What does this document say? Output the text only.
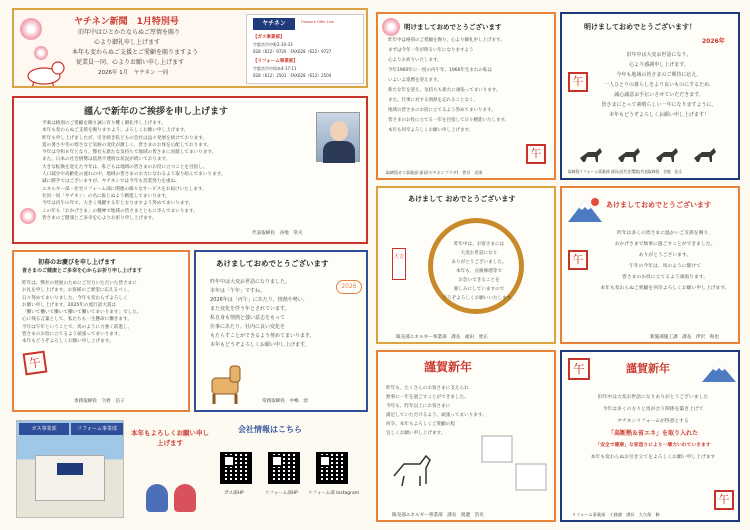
ヤチネン新聞　1月特別号
旧年中はひとかたならぬご厚情を賜り
心より御礼申し上げます
本年も変わらぬご支援とご愛顧を賜りますよう
従業員一同、心よりお願い申し上げます
2026年 1月　ヤチネン 一同
ヤチネン	Firework Offer Line
【ガス事業部】
宇都宮市中野2-10-33
028（622）9720　FAX028（622）9727
【リフォーム事業部】
宇都宮市中岡本4-17-11
028（612）2501　FAX028（612）2504
謹んで新年のご挨拶を申し上げます
平素は格別のご愛顧を賜り誠に有り難く御礼申し上げます。
本年も変わらぬご支援を賜りますよう、よろしくお願い申し上げます。
昨年も申し上げましたが、引き続き私どもの会社は益々発展を続けております。
夏の暑さや冬の寒さなど気候の変化が激しく、皆さまのお体を心配しております。
今年は令和８年となり、弊社も新たな気持ちで地域の皆さまに貢献してまいります。
また、日本の社会情勢は依然不透明な状況が続いております。
大きな転換を迎えた今年は、私どもは地域の皆さまのお役に立つことを目指し、
人口減少や高齢化の流れの中、地域の皆さまのお力になれるよう取り組んでまいります。
誠に勝手ではございますが、ヤチネンでは今年も営業努力を重ね、
エネルギー部・住宅リフォーム部に関連の様々なサービスをお届けいたします。
社員一同「ヤチネン」の名に恥じぬよう精進してまいります。
今年は丙午の年で、大きく飛躍する年となりますよう努めてまいります。
この年も「おかげさま」の精神で地域の皆さまとともに歩んでまいります。
皆さまのご健康とご多幸を心よりお祈り申し上げます。
代表取締役　谷地　常夫
初春のお慶びを申し上げます
皆さまのご健康とご多幸を心からお祈り申し上げます
昨年は、弊社の発展のためにご尽力いただいた皆さまに
お礼を申し上げます。お客様のご要望に応えるべく、
日々努めてまいりました。今年も変わらずよろしく
お願い申し上げます。2025年の流行語大賞は
「働いて働いて働いて働いて働いてまいります」でした。
心に残る言葉として、私たちも一生懸命に働きます。
今年は午年ということで、馬のように力強く前進し、
皆さまのお役に立てるよう頑張ってまいります。
本年もどうぞよろしくお願い申し上げます。
午
専務取締役　久野　信子
あけましておめでとうございます
昨年中は大変お世話になりました。
本年は「午年」ですね。
2026年は「丙午」にあたり、情熱や勢い、
また変化を伴う年とされています。
私自身も情熱と強い意志をもって
仕事にあたり、社内に良い変化を
もたらすことができるよう努めてまいります。
本年もどうぞよろしくお願い申し上げます。
2026
常務取締役　中嶋　淳
ガス事業部	リフォーム事業部	本年もよろしくお願い申し上げます
会社情報はこちら
ガス部HP	リフォーム部HP リフォーム部 Instagram
明けましておめでとうございます
昨年中は格別のご愛顧を賜り、心より御礼申し上げます。
まずは今年一年が明るい年になりますよう
心よりお祈りいたします。
今年1960年に一度の丙午年、1966年生まれの私は
いよいよ還暦を迎えます。
新たな年を迎え、気持ちも新たに頑張ってまいります。
また、仕事に対する情熱を忘れることなく、
地域の皆さまのお役に立てるよう努めてまいります。
皆さまのお役に立てる一年を目指して日々精進いたします。
本年も何卒よろしくお願い申し上げます。
午
取締役ガス事業部 部長(ヤチネンプラザ)　菅谷　光則
明けましておめでとうございます！
2026年
旧年中は大変お世話になり、
心より感謝申し上げます。
今年も地域の皆さまのご期待に応え、
一人ひとりの暮らしをより良いものにするため、
誠心誠意お手伝いさせていただきます。
皆さまにとって素晴らしい一年になりますように。
本年もどうぞよろしくお願い申し上げます！
午
取締役リフォーム事業部 部長(近代住環境)代表取締役　谷地　佳太
あけまして おめでとうございます
昨年中は、お客さまには
大変お世話になり
ありがとうございました。
本年も、点検修理等で
お会いできることを
楽しみにしていますので
どうぞよろしくお願いいたします。
大吉
販売部エネルギー事業部　課長　福田　欣正
あけましておめでとうございます
昨年は多くの皆さまに温かいご支援を賜り、
おかげさまで無事に過ごすことができました。
ありがとうございます。
午年の今年は、馬のように駆けて
皆さまのお役に立てるよう頑張ります。
本年も変わらぬご愛顧を何卒よろしくお願い申し上げます。
午
新施部施工課　課長　伊沢　和也
謹賀新年
昨年も、たくさんのお客さまに支えられ
無事に一年を過ごすことができました。
今年も、昨年以上にお客さまに
満足していただけるよう、頑張ってまいります。
何卒、本年もよろしくご愛顧の程
宜しくお願い申し上げます。
販売部エネルギー事業部　課長　渡邊　浩史
午	謹賀新年
旧年中は大変お世話になりありがとうございました
今年は多くの方々と馬が合う関係を築き上げて
ヤチネンリフォームが得意とする
「高断熱＆省エネ」を取り入れた
「安全で健康」な家造りにより一層力いれていきます
本年も変わらぬお引き立てをよろしくお願い申し上げます
午
リフォーム事業部　工務課　課長　大久保　修
